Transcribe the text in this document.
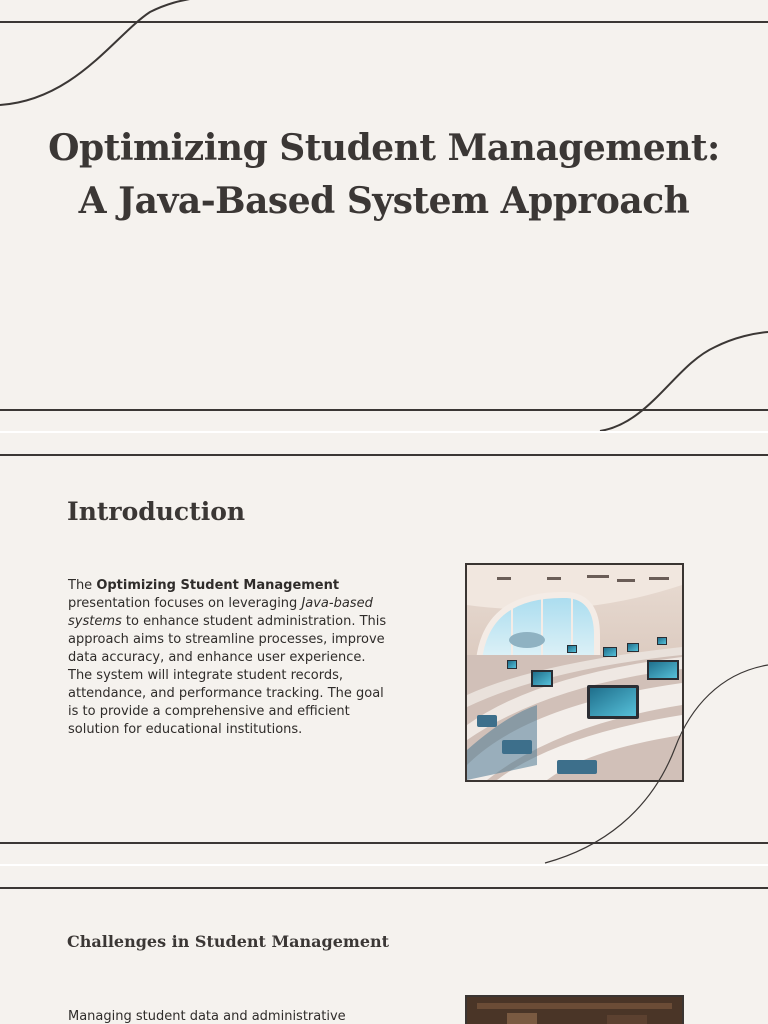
Optimizing Student Management:
A Java-Based System Approach
Introduction

The Optimizing Student Management presentation focuses on leveraging Java-based systems to enhance student administration. This approach aims to streamline processes, improve data accuracy, and enhance user experience. The system will integrate student records, attendance, and performance tracking. The goal is to provide a comprehensive and efficient solution for educational institutions.

Challenges in Student Management

Managing student data and administrative
